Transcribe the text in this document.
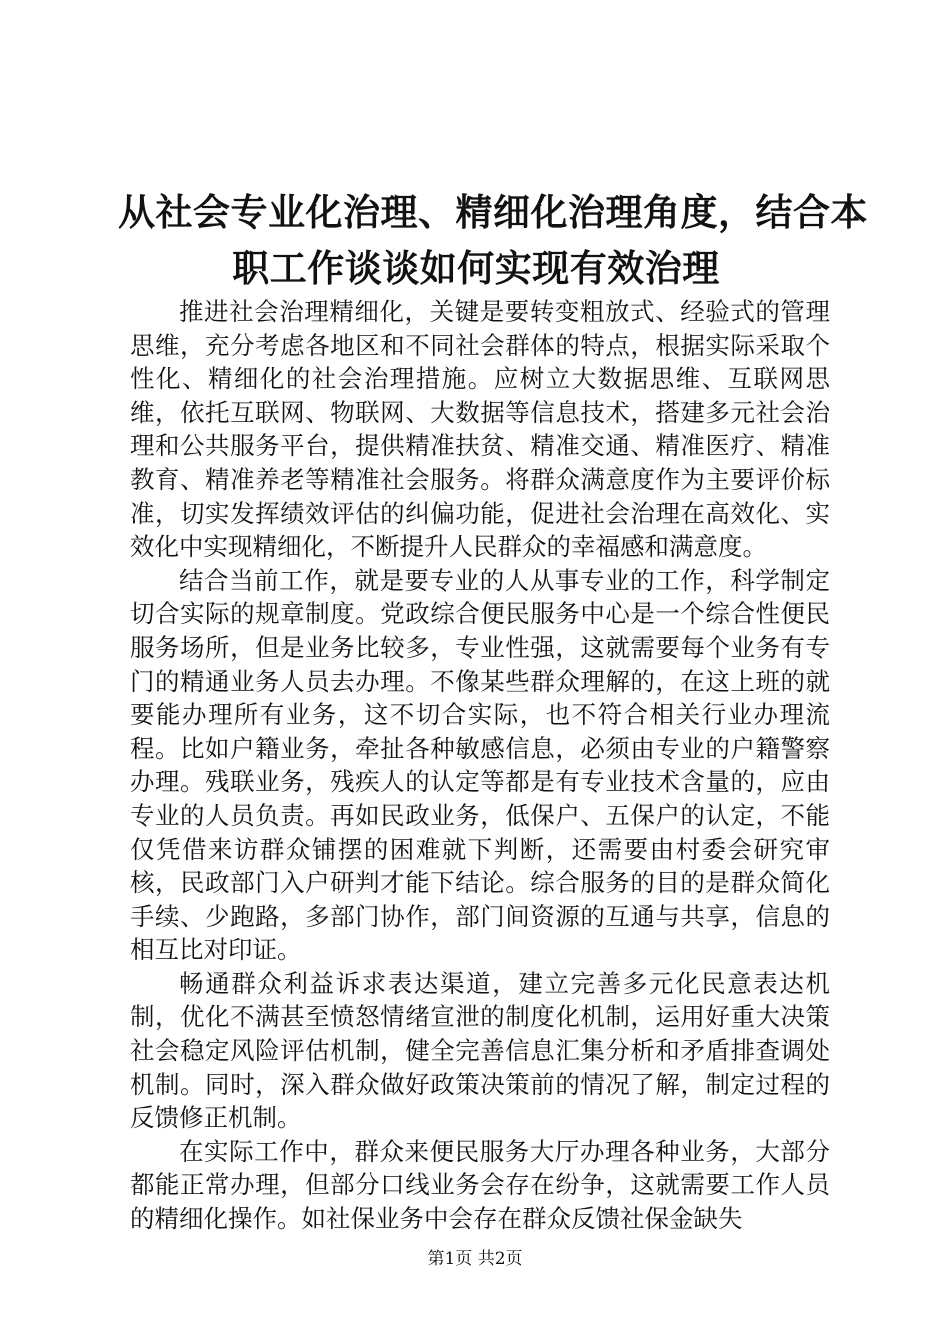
从社会专业化治理、精细化治理角度，结合本
职工作谈谈如何实现有效治理

推进社会治理精细化，关键是要转变粗放式、经验式的管理思维，充分考虑各地区和不同社会群体的特点，根据实际采取个性化、精细化的社会治理措施。应树立大数据思维、互联网思维，依托互联网、物联网、大数据等信息技术，搭建多元社会治理和公共服务平台，提供精准扶贫、精准交通、精准医疗、精准教育、精准养老等精准社会服务。将群众满意度作为主要评价标准，切实发挥绩效评估的纠偏功能，促进社会治理在高效化、实效化中实现精细化，不断提升人民群众的幸福感和满意度。

结合当前工作，就是要专业的人从事专业的工作，科学制定切合实际的规章制度。党政综合便民服务中心是一个综合性便民服务场所，但是业务比较多，专业性强，这就需要每个业务有专门的精通业务人员去办理。不像某些群众理解的，在这上班的就要能办理所有业务，这不切合实际，也不符合相关行业办理流程。比如户籍业务，牵扯各种敏感信息，必须由专业的户籍警察办理。残联业务，残疾人的认定等都是有专业技术含量的，应由专业的人员负责。再如民政业务，低保户、五保户的认定，不能仅凭借来访群众铺摆的困难就下判断，还需要由村委会研究审核，民政部门入户研判才能下结论。综合服务的目的是群众简化手续、少跑路，多部门协作，部门间资源的互通与共享，信息的相互比对印证。

畅通群众利益诉求表达渠道，建立完善多元化民意表达机制，优化不满甚至愤怒情绪宣泄的制度化机制，运用好重大决策社会稳定风险评估机制，健全完善信息汇集分析和矛盾排查调处机制。同时，深入群众做好政策决策前的情况了解，制定过程的反馈修正机制。

在实际工作中，群众来便民服务大厅办理各种业务，大部分都能正常办理，但部分口线业务会存在纷争，这就需要工作人员的精细化操作。如社保业务中会存在群众反馈社保金缺失

第1页 共2页
